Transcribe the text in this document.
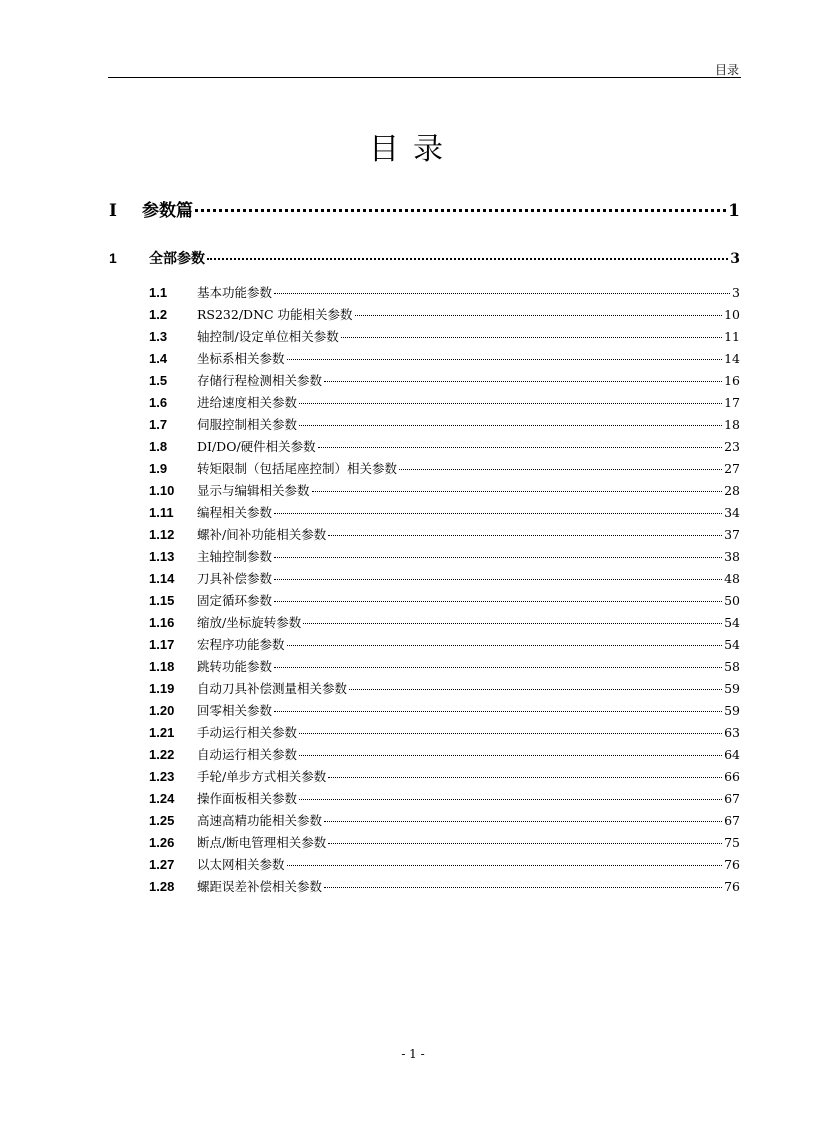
目录
目录
I	参数篇	1
1	全部参数	3
1.1	基本功能参数	3
1.2	RS232/DNC 功能相关参数	10
1.3	轴控制/设定单位相关参数	11
1.4	坐标系相关参数	14
1.5	存储行程检测相关参数	16
1.6	进给速度相关参数	17
1.7	伺服控制相关参数	18
1.8	DI/DO/硬件相关参数	23
1.9	转矩限制（包括尾座控制）相关参数	27
1.10	显示与编辑相关参数	28
1.11	编程相关参数	34
1.12	螺补/间补功能相关参数	37
1.13	主轴控制参数	38
1.14	刀具补偿参数	48
1.15	固定循环参数	50
1.16	缩放/坐标旋转参数	54
1.17	宏程序功能参数	54
1.18	跳转功能参数	58
1.19	自动刀具补偿测量相关参数	59
1.20	回零相关参数	59
1.21	手动运行相关参数	63
1.22	自动运行相关参数	64
1.23	手轮/单步方式相关参数	66
1.24	操作面板相关参数	67
1.25	高速高精功能相关参数	67
1.26	断点/断电管理相关参数	75
1.27	以太网相关参数	76
1.28	螺距误差补偿相关参数	76
- 1 -
